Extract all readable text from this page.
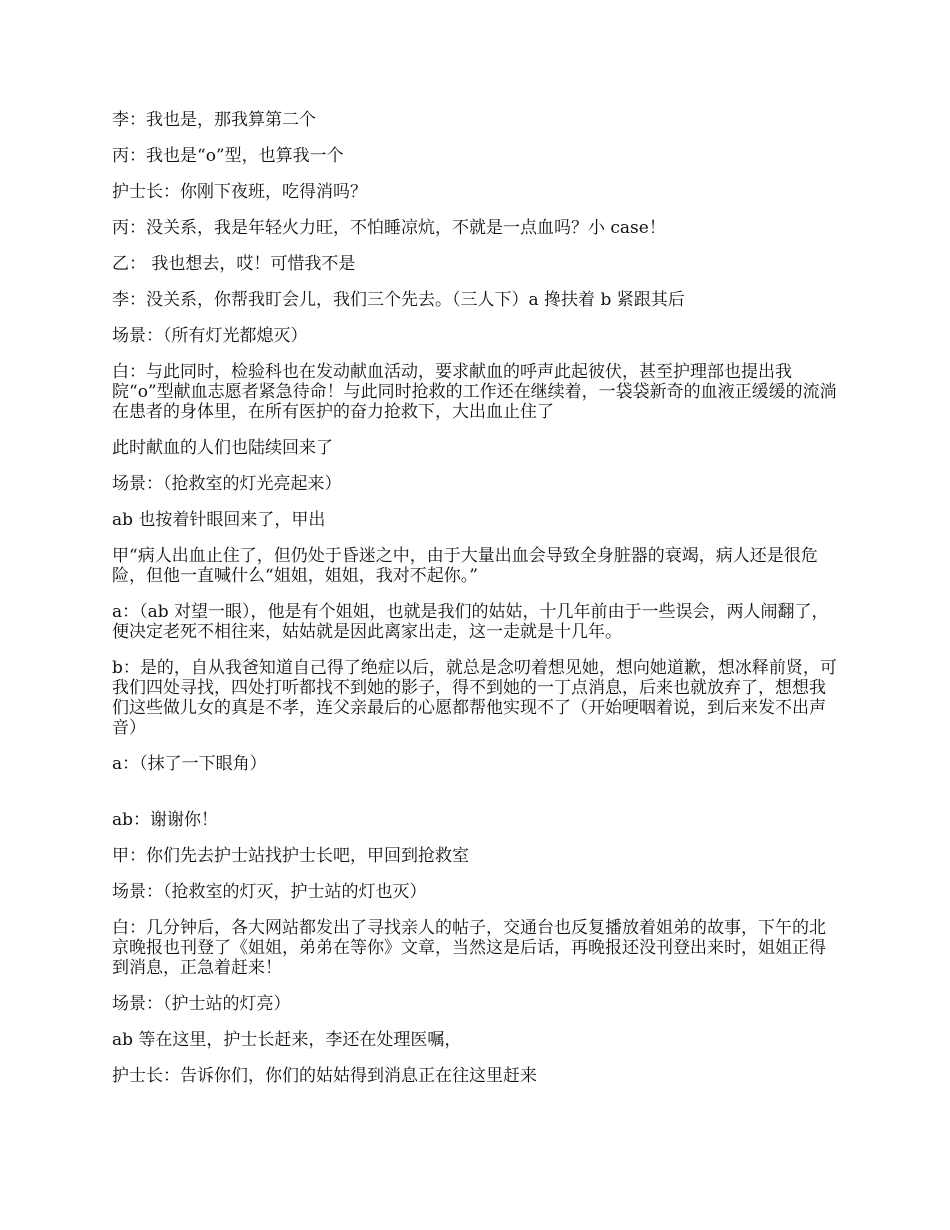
李：我也是，那我算第二个

丙：我也是“o”型，也算我一个

护士长：你刚下夜班，吃得消吗？

丙：没关系，我是年轻火力旺，不怕睡凉炕，不就是一点血吗？小 case！

乙： 我也想去，哎！可惜我不是

李：没关系，你帮我盯会儿，我们三个先去。（三人下）a 搀扶着 b 紧跟其后

场景：（所有灯光都熄灭）

白：与此同时，检验科也在发动献血活动，要求献血的呼声此起彼伏，甚至护理部也提出我院“o”型献血志愿者紧急待命！与此同时抢救的工作还在继续着，一袋袋新奇的血液正缓缓的流淌在患者的身体里，在所有医护的奋力抢救下，大出血止住了

此时献血的人们也陆续回来了

场景：（抢救室的灯光亮起来）

ab 也按着针眼回来了，甲出

甲“病人出血止住了，但仍处于昏迷之中，由于大量出血会导致全身脏器的衰竭，病人还是很危险，但他一直喊什么“姐姐，姐姐，我对不起你。”

a：（ab 对望一眼），他是有个姐姐，也就是我们的姑姑，十几年前由于一些误会，两人闹翻了，便决定老死不相往来，姑姑就是因此离家出走，这一走就是十几年。

b：是的，自从我爸知道自己得了绝症以后，就总是念叨着想见她，想向她道歉，想冰释前贤，可我们四处寻找，四处打听都找不到她的影子，得不到她的一丁点消息，后来也就放弃了，想想我们这些做儿女的真是不孝，连父亲最后的心愿都帮他实现不了（开始哽咽着说，到后来发不出声音）

a：（抹了一下眼角）

ab：谢谢你！

甲：你们先去护士站找护士长吧，甲回到抢救室

场景：（抢救室的灯灭，护士站的灯也灭）

白：几分钟后，各大网站都发出了寻找亲人的帖子，交通台也反复播放着姐弟的故事，下午的北京晚报也刊登了《姐姐，弟弟在等你》文章，当然这是后话，再晚报还没刊登出来时，姐姐正得到消息，正急着赶来！

场景：（护士站的灯亮）

ab 等在这里，护士长赶来，李还在处理医嘱，

护士长：告诉你们，你们的姑姑得到消息正在往这里赶来
